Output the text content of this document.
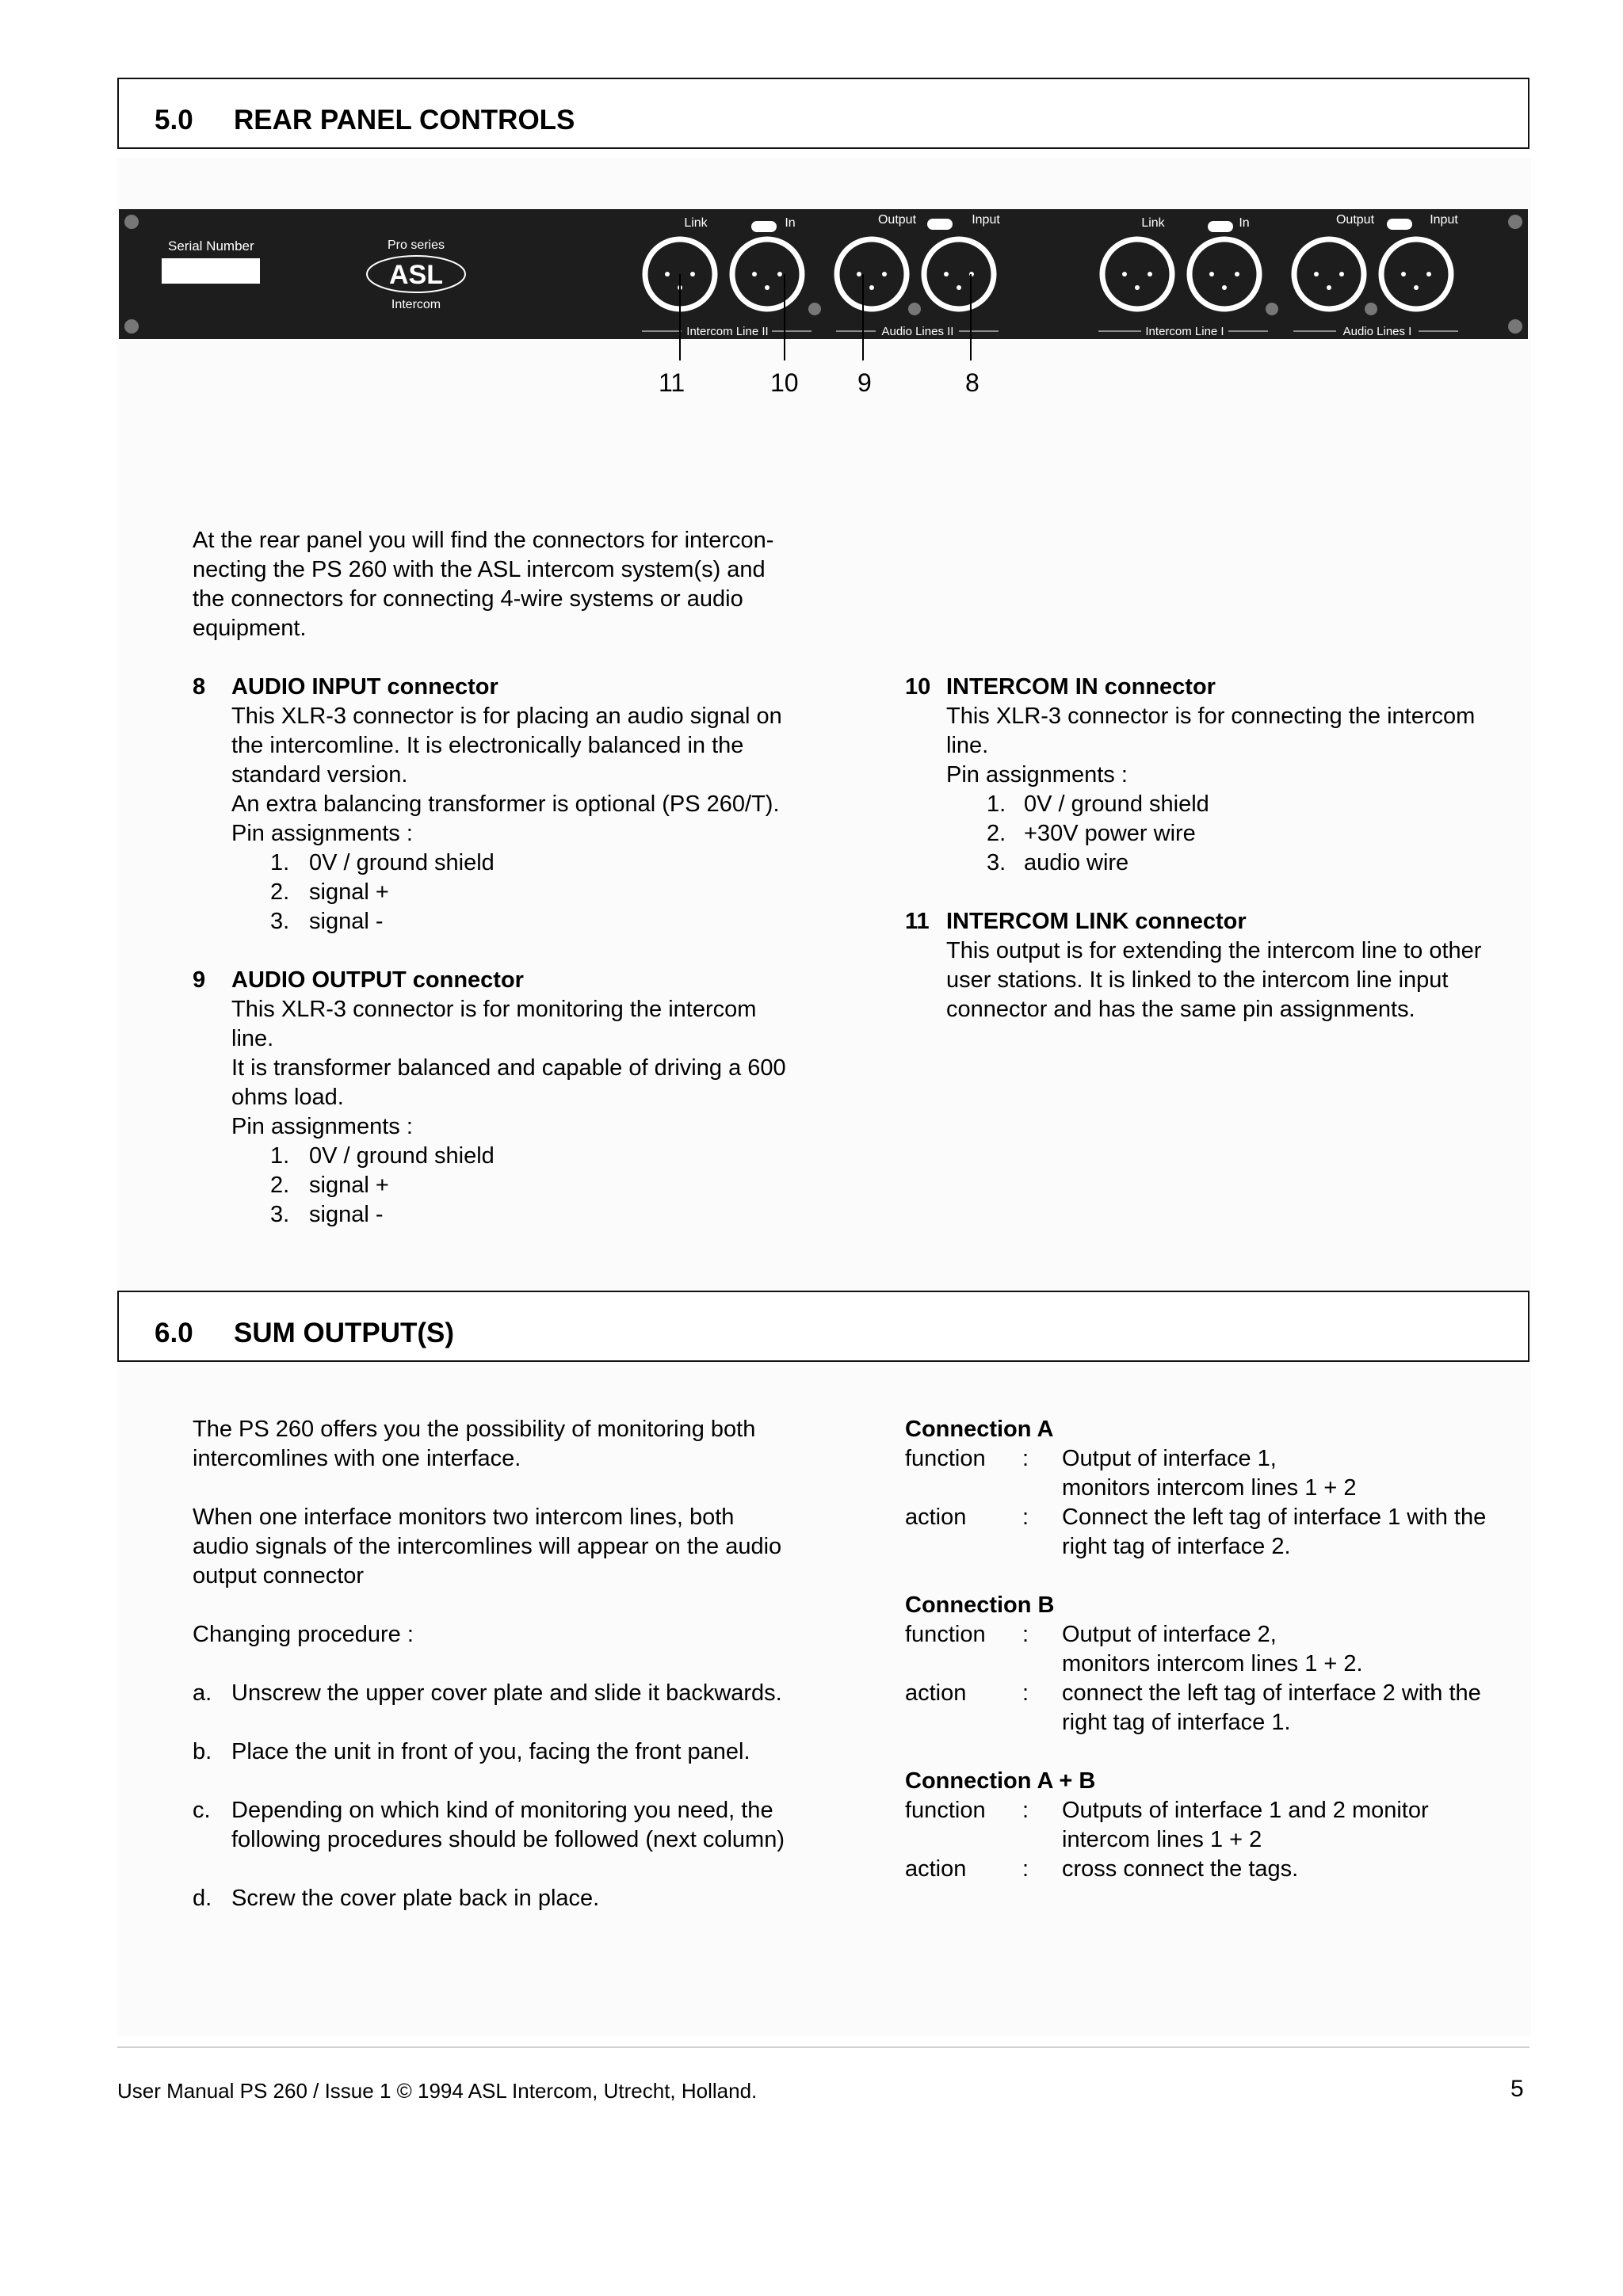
5.0 REAR PANEL CONTROLS
Serial Number	Pro series
ASL
Intercom
Link	In	Output	Input
Intercom Line II	Audio Lines II
Link	In	Output	Input
Intercom Line I	Audio Lines I
11	10 9	8
At the rear panel you will find the connectors for intercon-
necting the PS 260 with the ASL intercom system(s) and
the connectors for connecting 4-wire systems or audio
equipment.
8 AUDIO INPUT connector
This XLR-3 connector is for placing an audio signal on
the intercomline. It is electronically balanced in the
standard version.
An extra balancing transformer is optional (PS 260/T).
Pin assignments :
1. 0V / ground shield
2. signal +
3. signal -
9 AUDIO OUTPUT connector
This XLR-3 connector is for monitoring the intercom
line.
It is transformer balanced and capable of driving a 600
ohms load.
Pin assignments :
1. 0V / ground shield
2. signal +
3. signal -
10 INTERCOM IN connector
This XLR-3 connector is for connecting the intercom
line.
Pin assignments :
1. 0V / ground shield
2. +30V power wire
3. audio wire
11 INTERCOM LINK connector
This output is for extending the intercom line to other
user stations. It is linked to the intercom line input
connector and has the same pin assignments.
6.0 SUM OUTPUT(S)
The PS 260 offers you the possibility of monitoring both
intercomlines with one interface.
When one interface monitors two intercom lines, both
audio signals of the intercomlines will appear on the audio
output connector
Changing procedure :
a. Unscrew the upper cover plate and slide it backwards.
b. Place the unit in front of you, facing the front panel.
c. Depending on which kind of monitoring you need, the
following procedures should be followed (next column)
d. Screw the cover plate back in place.
Connection A
function : Output of interface 1,
monitors intercom lines 1 + 2
action : Connect the left tag of interface 1 with the
right tag of interface 2.
Connection B
function : Output of interface 2,
monitors intercom lines 1 + 2.
action : connect the left tag of interface 2 with the
right tag of interface 1.
Connection A + B
function : Outputs of interface 1 and 2 monitor
intercom lines 1 + 2
action : cross connect the tags.
User Manual PS 260 / Issue 1 © 1994 ASL Intercom, Utrecht, Holland.	5
